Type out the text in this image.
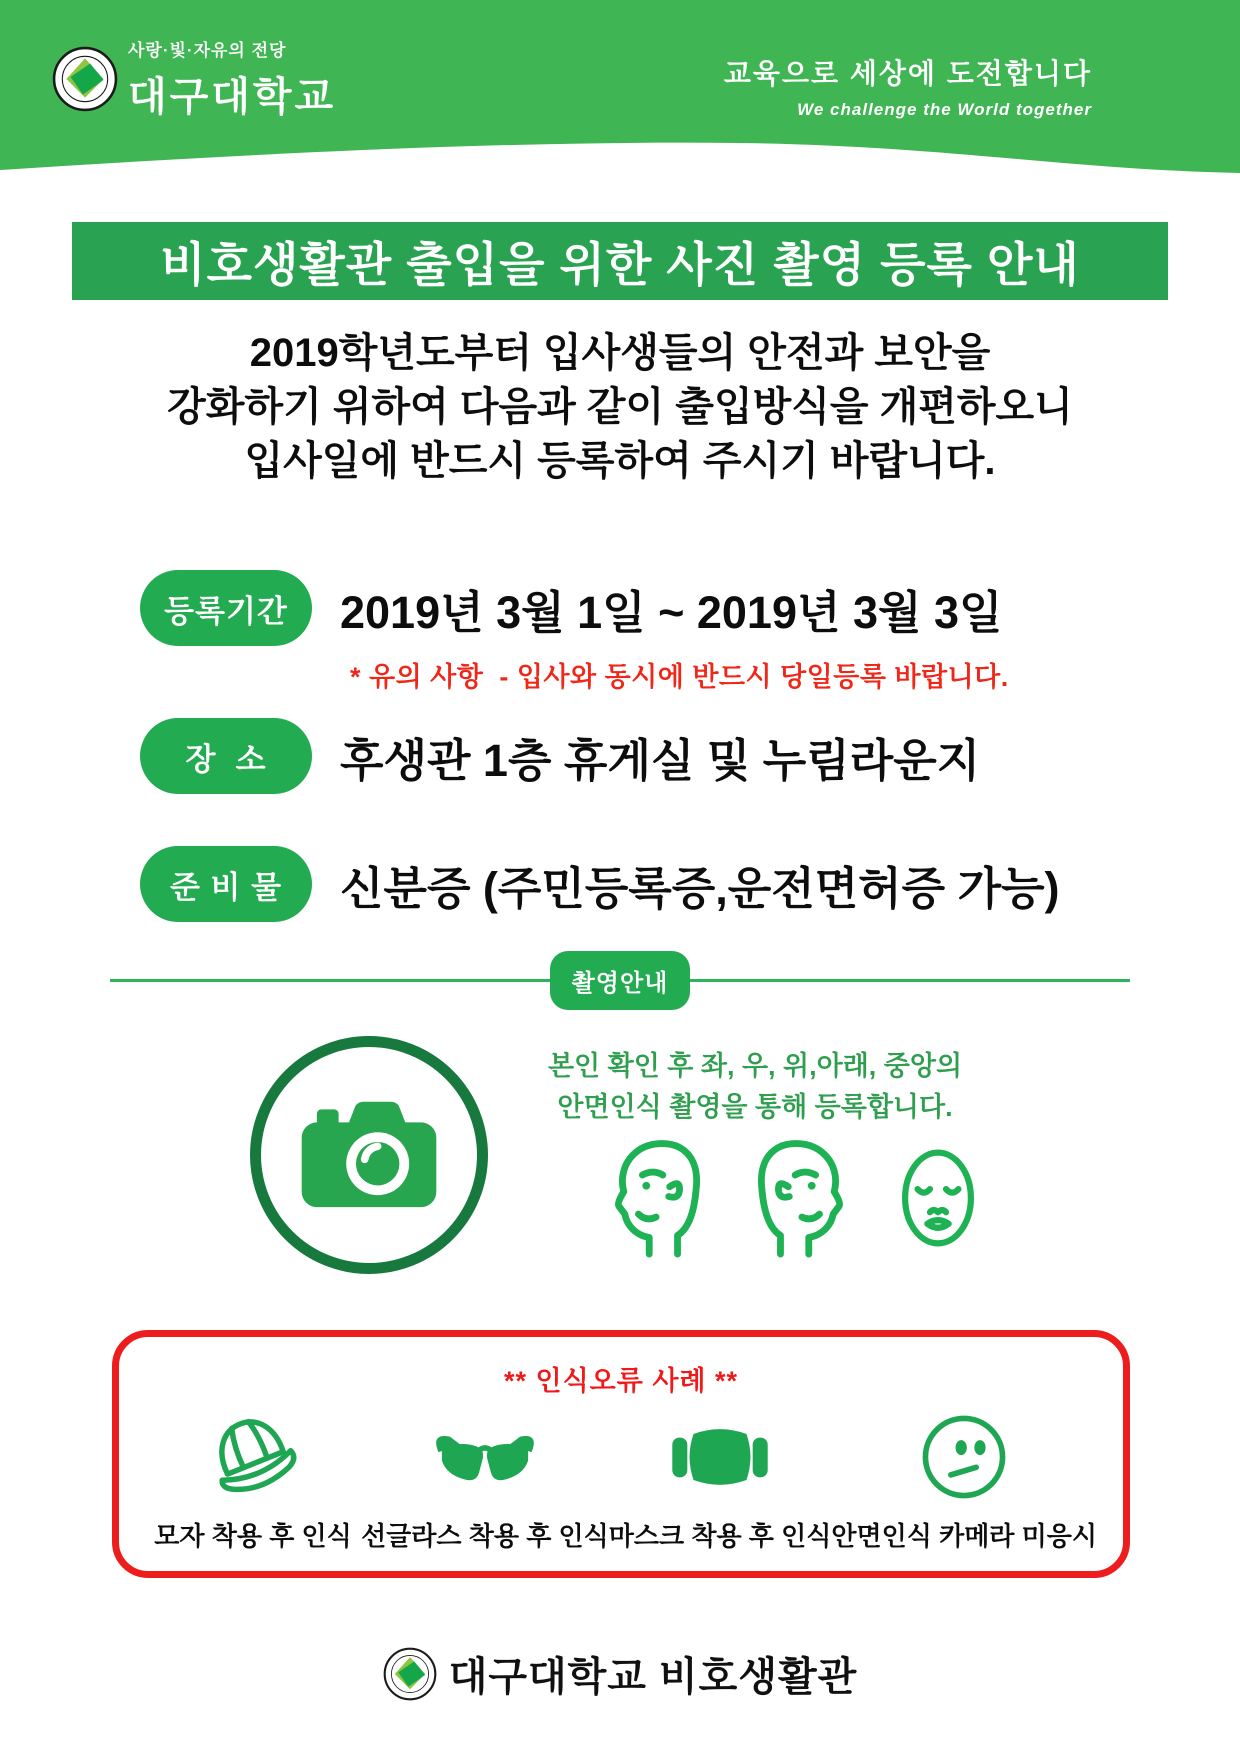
사랑·빛·자유의 전당
대구대학교
교육으로 세상에 도전합니다
We challenge the World together
비호생활관 출입을 위한 사진 촬영 등록 안내
2019학년도부터 입사생들의 안전과 보안을
강화하기 위하여 다음과 같이 출입방식을 개편하오니
입사일에 반드시 등록하여 주시기 바랍니다.
등록기간	2019년 3월 1일 ~ 2019년 3월 3일
* 유의 사항  - 입사와 동시에 반드시 당일등록 바랍니다.
장  소	후생관 1층 휴게실 및 누림라운지
준 비 물	신분증 (주민등록증,운전면허증 가능)
촬영안내
본인 확인 후 좌, 우, 위,아래, 중앙의
안면인식 촬영을 통해 등록합니다.
** 인식오류 사례 **
모자 착용 후 인식 선글라스 착용 후 인식 마스크 착용 후 인식 안면인식 카메라 미응시
대구대학교 비호생활관
